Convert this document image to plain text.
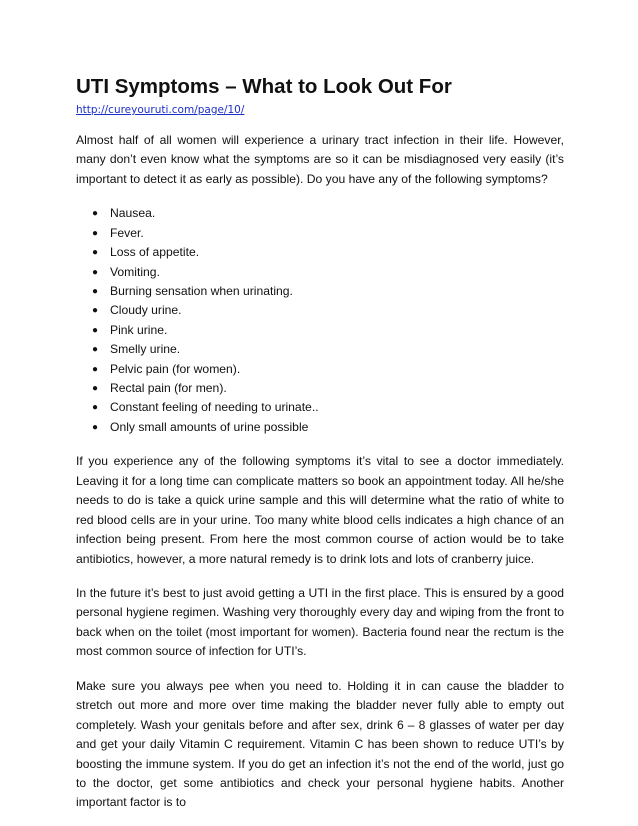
UTI Symptoms – What to Look Out For
http://cureyouruti.com/page/10/

Almost half of all women will experience a urinary tract infection in their life. However, many don’t even know what the symptoms are so it can be misdiagnosed very easily (it’s important to detect it as early as possible). Do you have any of the following symptoms?

● Nausea.
● Fever.
● Loss of appetite.
● Vomiting.
● Burning sensation when urinating.
● Cloudy urine.
● Pink urine.
● Smelly urine.
● Pelvic pain (for women).
● Rectal pain (for men).
● Constant feeling of needing to urinate..
● Only small amounts of urine possible

If you experience any of the following symptoms it’s vital to see a doctor immediately. Leaving it for a long time can complicate matters so book an appointment today. All he/she needs to do is take a quick urine sample and this will determine what the ratio of white to red blood cells are in your urine. Too many white blood cells indicates a high chance of an infection being present. From here the most common course of action would be to take antibiotics, however, a more natural remedy is to drink lots and lots of cranberry juice.

In the future it’s best to just avoid getting a UTI in the first place. This is ensured by a good personal hygiene regimen. Washing very thoroughly every day and wiping from the front to back when on the toilet (most important for women). Bacteria found near the rectum is the most common source of infection for UTI’s.

Make sure you always pee when you need to. Holding it in can cause the bladder to stretch out more and more over time making the bladder never fully able to empty out completely. Wash your genitals before and after sex, drink 6 – 8 glasses of water per day and get your daily Vitamin C requirement. Vitamin C has been shown to reduce UTI’s by boosting the immune system. If you do get an infection it’s not the end of the world, just go to the doctor, get some antibiotics and check your personal hygiene habits. Another important factor is to
